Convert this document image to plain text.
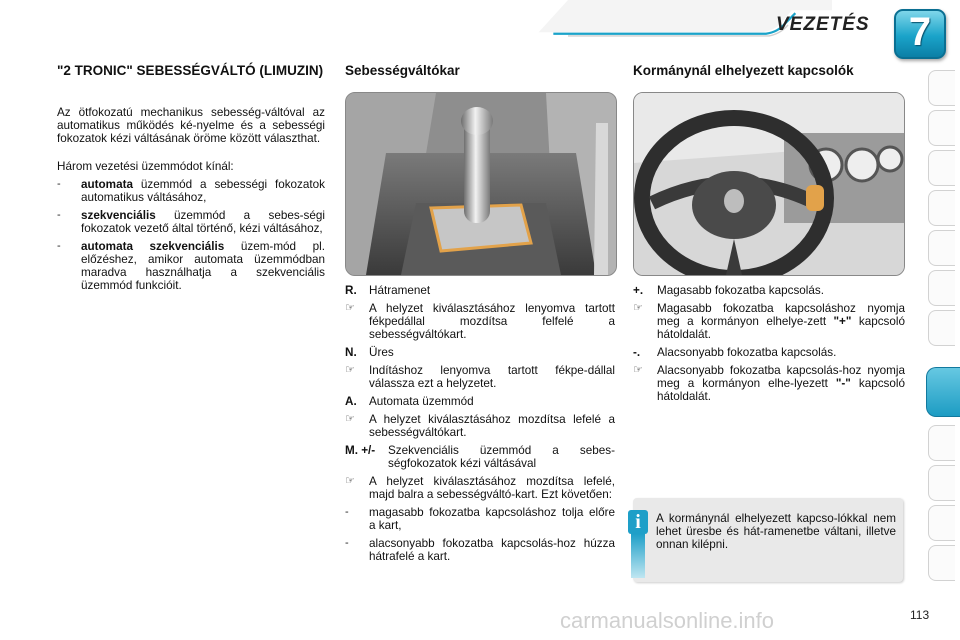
VEZETÉS 7
"2 TRONIC" SEBESSÉGVÁLTÓ (LIMUZIN)
Az ötfokozatú mechanikus sebesség-váltóval az automatikus működés ké-nyelme és a sebességi fokozatok kézi váltásának öröme között választhat.
Három vezetési üzemmódot kínál:
- automata üzemmód a sebességi fokozatok automatikus váltásához,
- szekvenciális üzemmód a sebes-ségi fokozatok vezető által történő, kézi váltásához,
- automata szekvenciális üzem-mód pl. előzéshez, amikor automata üzemmódban maradva használhatja a szekvenciális üzemmód funkcióit.
Sebességváltókar
R. Hátramenet
☞ A helyzet kiválasztásához lenyomva tartott fékpedállal mozdítsa felfelé a sebességváltókart.
N. Üres
☞ Indításhoz lenyomva tartott fékpe-dállal válassza ezt a helyzetet.
A. Automata üzemmód
☞ A helyzet kiválasztásához mozdítsa lefelé a sebességváltókart.
M. +/- Szekvenciális üzemmód a sebes-ségfokozatok kézi váltásával
☞ A helyzet kiválasztásához mozdítsa lefelé, majd balra a sebességváltó-kart. Ezt követően:
- magasabb fokozatba kapcsoláshoz tolja előre a kart,
- alacsonyabb fokozatba kapcsolás-hoz húzza hátrafelé a kart.
Kormánynál elhelyezett kapcsolók
+. Magasabb fokozatba kapcsolás.
☞ Magasabb fokozatba kapcsoláshoz nyomja meg a kormányon elhelye-zett "+" kapcsoló hátoldalát.
-. Alacsonyabb fokozatba kapcsolás.
☞ Alacsonyabb fokozatba kapcsolás-hoz nyomja meg a kormányon elhe-lyezett "-" kapcsoló hátoldalát.
i	A kormánynál elhelyezett kapcso-lókkal nem lehet üresbe és hát-ramenetbe váltani, illetve onnan kilépni.
carmanualsonline.info	113
